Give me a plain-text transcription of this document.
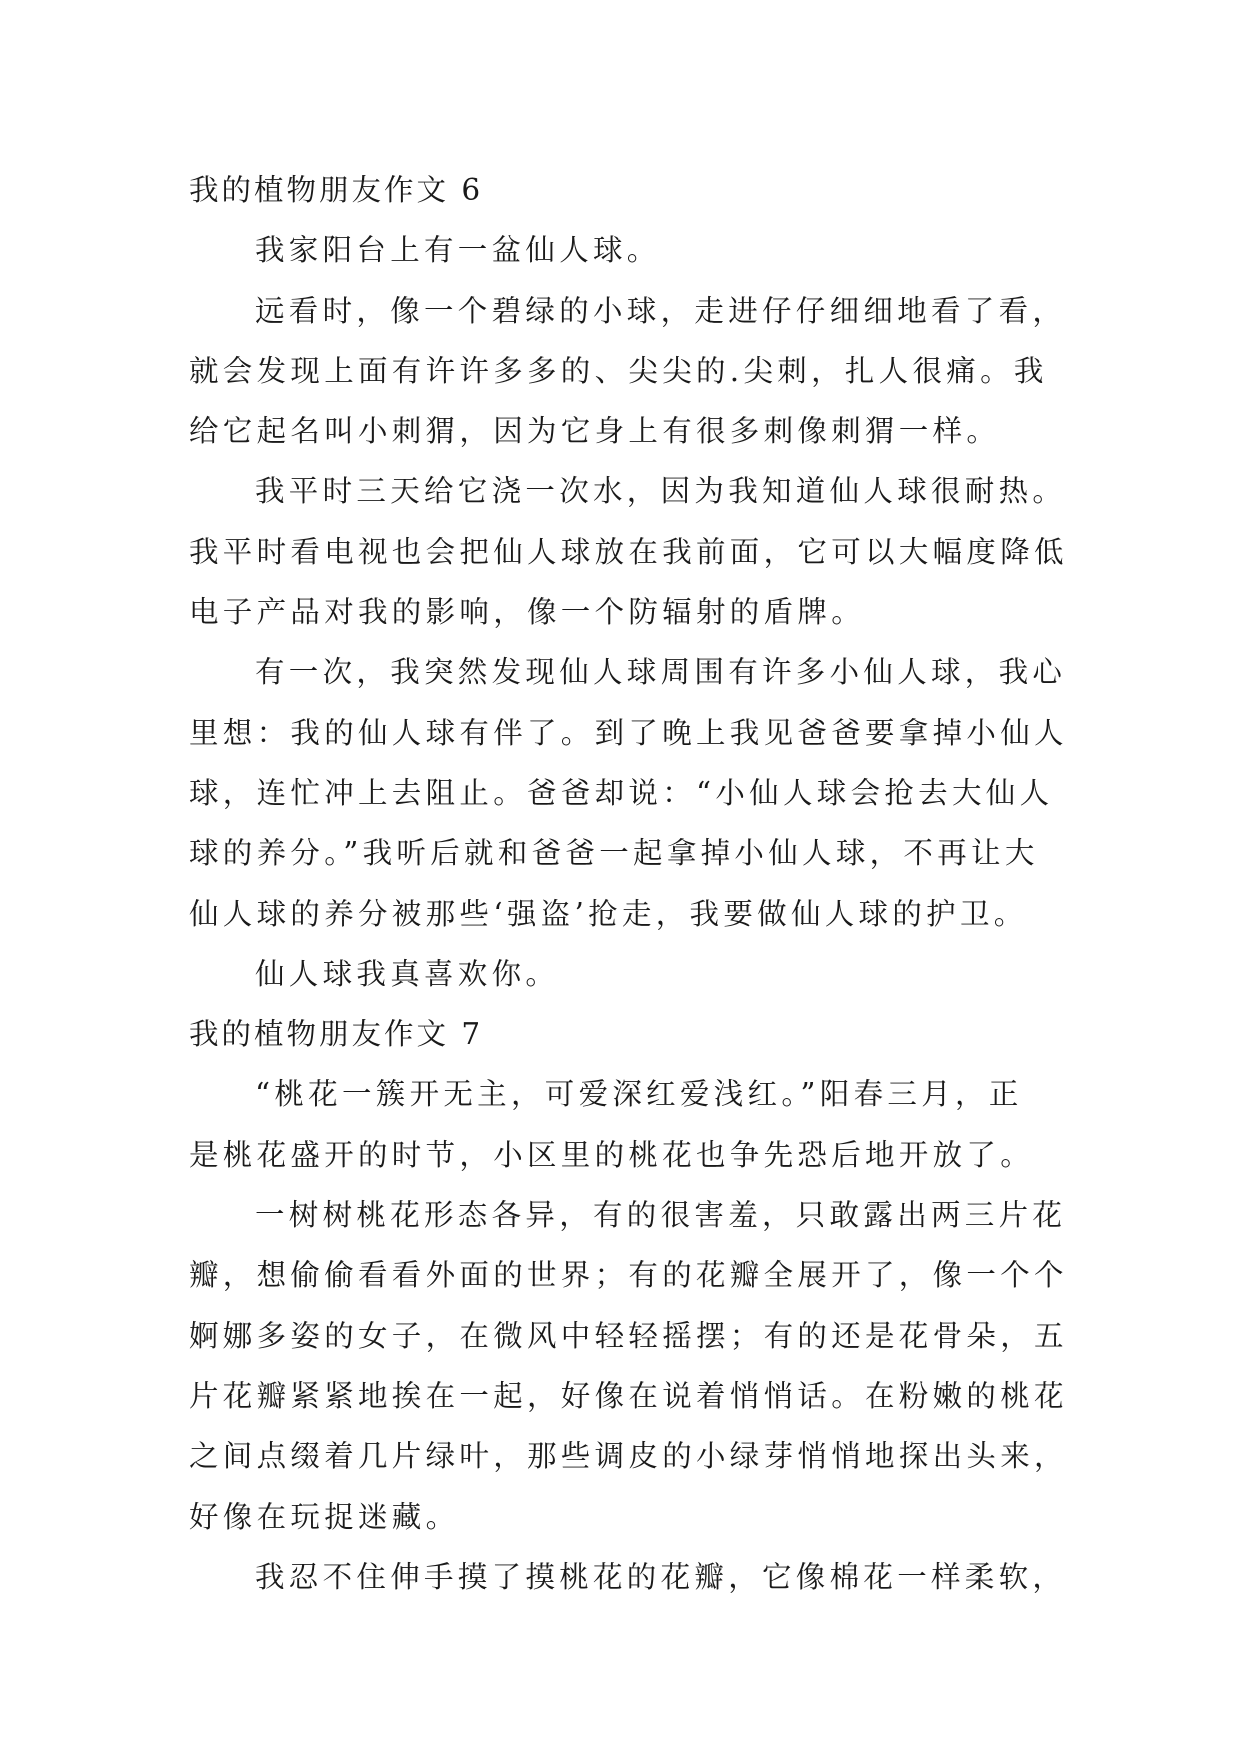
我的植物朋友作文 6
我家阳台上有一盆仙人球。
远看时，像一个碧绿的小球，走进仔仔细细地看了看，
就会发现上面有许许多多的、尖尖的.尖刺，扎人很痛。我
给它起名叫小刺猬，因为它身上有很多刺像刺猬一样。
我平时三天给它浇一次水，因为我知道仙人球很耐热。
我平时看电视也会把仙人球放在我前面，它可以大幅度降低
电子产品对我的影响，像一个防辐射的盾牌。
有一次，我突然发现仙人球周围有许多小仙人球，我心
里想：我的仙人球有伴了。到了晚上我见爸爸要拿掉小仙人
球，连忙冲上去阻止。爸爸却说：“小仙人球会抢去大仙人
球的养分。”我听后就和爸爸一起拿掉小仙人球，不再让大
仙人球的养分被那些‘强盗’抢走，我要做仙人球的护卫。
仙人球我真喜欢你。
我的植物朋友作文 7
“桃花一簇开无主，可爱深红爱浅红。”阳春三月，正
是桃花盛开的时节，小区里的桃花也争先恐后地开放了。
一树树桃花形态各异，有的很害羞，只敢露出两三片花
瓣，想偷偷看看外面的世界；有的花瓣全展开了，像一个个
婀娜多姿的女子，在微风中轻轻摇摆；有的还是花骨朵，五
片花瓣紧紧地挨在一起，好像在说着悄悄话。在粉嫩的桃花
之间点缀着几片绿叶，那些调皮的小绿芽悄悄地探出头来，
好像在玩捉迷藏。
我忍不住伸手摸了摸桃花的花瓣，它像棉花一样柔软，
